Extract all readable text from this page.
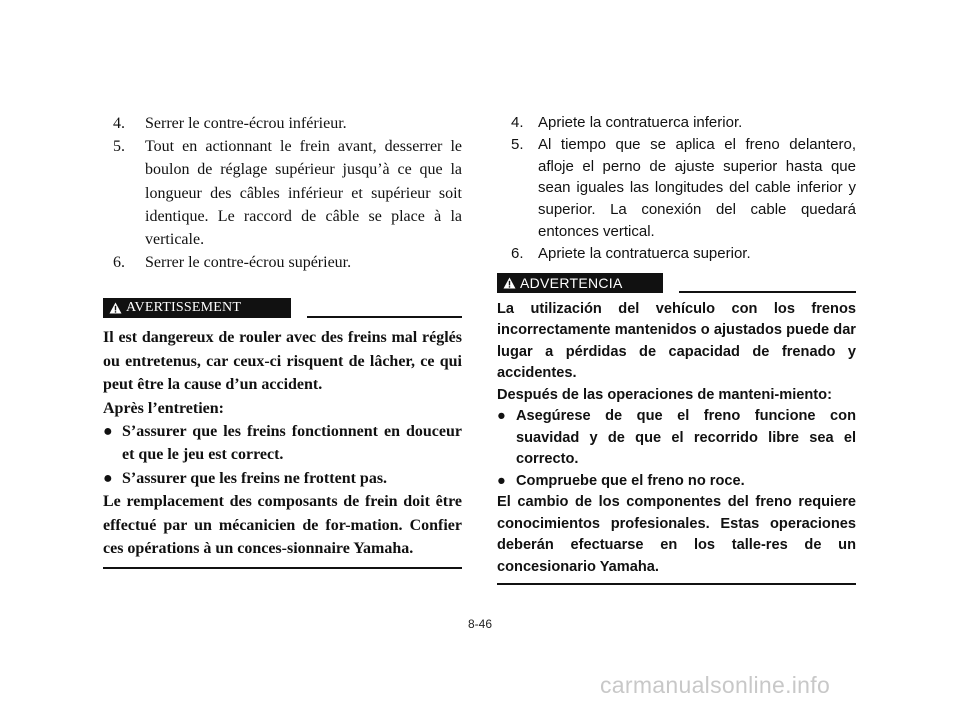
4.	Serrer le contre-écrou inférieur.
5.	Tout en actionnant le frein avant, desserrer le boulon de réglage supérieur jusqu’à ce que la longueur des câbles inférieur et supérieur soit identique. Le raccord de câble se place à la verticale.
6.	Serrer le contre-écrou supérieur.
AVERTISSEMENT

Il est dangereux de rouler avec des freins mal réglés ou entretenus, car ceux-ci risquent de lâcher, ce qui peut être la cause d’un accident.

Après l’entretien:

● S’assurer que les freins fonctionnent en douceur et que le jeu est correct.
● S’assurer que les freins ne frottent pas.

Le remplacement des composants de frein doit être effectué par un mécanicien de for-mation. Confier ces opérations à un conces-sionnaire Yamaha.

4. Apriete la contratuerca inferior.
5. Al tiempo que se aplica el freno delantero, afloje el perno de ajuste superior hasta que sean iguales las longitudes del cable inferior y superior. La conexión del cable quedará entonces vertical.
6. Apriete la contratuerca superior.
ADVERTENCIA

La utilización del vehículo con los frenos incorrectamente mantenidos o ajustados puede dar lugar a pérdidas de capacidad de frenado y accidentes.

Después de las operaciones de manteni-miento:

● Asegúrese de que el freno funcione con suavidad y de que el recorrido libre sea el correcto.
● Compruebe que el freno no roce.

El cambio de los componentes del freno requiere conocimientos profesionales. Estas operaciones deberán efectuarse en los talle-res de un concesionario Yamaha.

8-46
carmanualsonline.info
